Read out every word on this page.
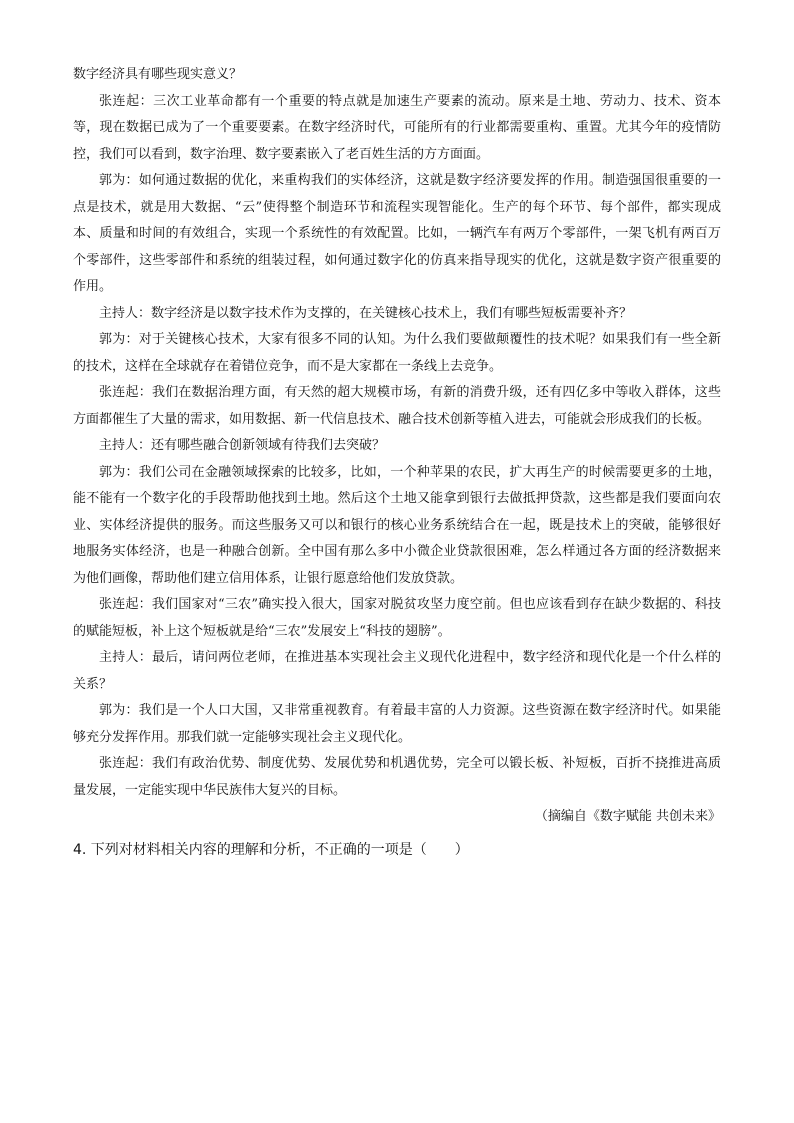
数字经济具有哪些现实意义？

张连起：三次工业革命都有一个重要的特点就是加速生产要素的流动。原来是土地、劳动力、技术、资本等，现在数据已成为了一个重要要素。在数字经济时代，可能所有的行业都需要重构、重置。尤其今年的疫情防控，我们可以看到，数字治理、数字要素嵌入了老百姓生活的方方面面。

郭为：如何通过数据的优化，来重构我们的实体经济，这就是数字经济要发挥的作用。制造强国很重要的一点是技术，就是用大数据、“云”使得整个制造环节和流程实现智能化。生产的每个环节、每个部件，都实现成本、质量和时间的有效组合，实现一个系统性的有效配置。比如，一辆汽车有两万个零部件，一架飞机有两百万个零部件，这些零部件和系统的组装过程，如何通过数字化的仿真来指导现实的优化，这就是数字资产很重要的作用。

主持人：数字经济是以数字技术作为支撑的，在关键核心技术上，我们有哪些短板需要补齐？

郭为：对于关键核心技术，大家有很多不同的认知。为什么我们要做颠覆性的技术呢？如果我们有一些全新的技术，这样在全球就存在着错位竞争，而不是大家都在一条线上去竞争。

张连起：我们在数据治理方面，有天然的超大规模市场，有新的消费升级，还有四亿多中等收入群体，这些方面都催生了大量的需求，如用数据、新一代信息技术、融合技术创新等植入进去，可能就会形成我们的长板。

主持人：还有哪些融合创新领域有待我们去突破？

郭为：我们公司在金融领域探索的比较多，比如，一个种苹果的农民，扩大再生产的时候需要更多的土地，能不能有一个数字化的手段帮助他找到土地。然后这个土地又能拿到银行去做抵押贷款，这些都是我们要面向农业、实体经济提供的服务。而这些服务又可以和银行的核心业务系统结合在一起，既是技术上的突破，能够很好地服务实体经济，也是一种融合创新。全中国有那么多中小微企业贷款很困难，怎么样通过各方面的经济数据来为他们画像，帮助他们建立信用体系，让银行愿意给他们发放贷款。

张连起：我们国家对“三农”确实投入很大，国家对脱贫攻坚力度空前。但也应该看到存在缺少数据的、科技的赋能短板，补上这个短板就是给“三农”发展安上“科技的翅膀”。

主持人：最后，请问两位老师，在推进基本实现社会主义现代化进程中，数字经济和现代化是一个什么样的关系？

郭为：我们是一个人口大国，又非常重视教育。有着最丰富的人力资源。这些资源在数字经济时代。如果能够充分发挥作用。那我们就一定能够实现社会主义现代化。

张连起：我们有政治优势、制度优势、发展优势和机遇优势，完全可以锻长板、补短板，百折不挠推进高质量发展，一定能实现中华民族伟大复兴的目标。

（摘编自《数字赋能 共创未来》

4. 下列对材料相关内容的理解和分析，不正确的一项是（　　）
